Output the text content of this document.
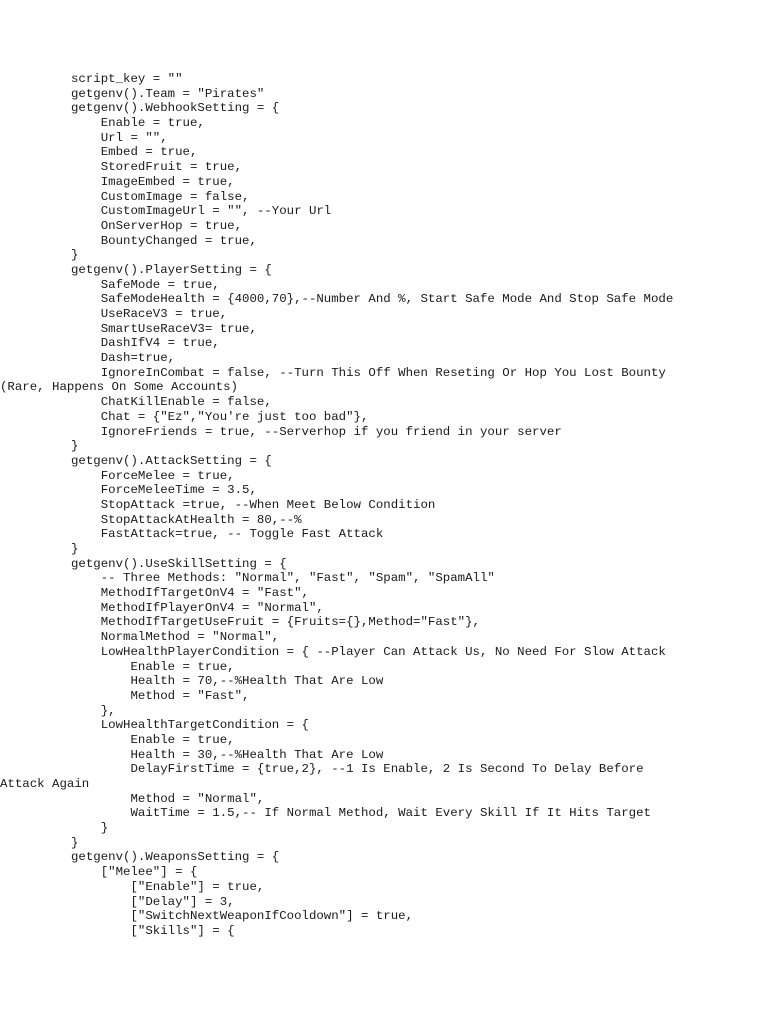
script_key = ""
getgenv().Team = "Pirates"
getgenv().WebhookSetting = {
Enable = true,
Url = "",
Embed = true,
StoredFruit = true,
ImageEmbed = true,
CustomImage = false,
CustomImageUrl = "", --Your Url
OnServerHop = true,
BountyChanged = true,
}
getgenv().PlayerSetting = {
SafeMode = true,
SafeModeHealth = {4000,70},--Number And %, Start Safe Mode And Stop Safe Mode
UseRaceV3 = true,
SmartUseRaceV3= true,
DashIfV4 = true,
Dash=true,
IgnoreInCombat = false, --Turn This Off When Reseting Or Hop You Lost Bounty
(Rare, Happens On Some Accounts)
ChatKillEnable = false,
Chat = {"Ez","You're just too bad"},
IgnoreFriends = true, --Serverhop if you friend in your server
}
getgenv().AttackSetting = {
ForceMelee = true,
ForceMeleeTime = 3.5,
StopAttack =true, --When Meet Below Condition
StopAttackAtHealth = 80,--%
FastAttack=true, -- Toggle Fast Attack
}
getgenv().UseSkillSetting = {
-- Three Methods: "Normal", "Fast", "Spam", "SpamAll"
MethodIfTargetOnV4 = "Fast",
MethodIfPlayerOnV4 = "Normal",
MethodIfTargetUseFruit = {Fruits={},Method="Fast"},
NormalMethod = "Normal",
LowHealthPlayerCondition = { --Player Can Attack Us, No Need For Slow Attack
Enable = true,
Health = 70,--%Health That Are Low
Method = "Fast",
},
LowHealthTargetCondition = {
Enable = true,
Health = 30,--%Health That Are Low
DelayFirstTime = {true,2}, --1 Is Enable, 2 Is Second To Delay Before
Attack Again
Method = "Normal",
WaitTime = 1.5,-- If Normal Method, Wait Every Skill If It Hits Target
}
}
getgenv().WeaponsSetting = {
["Melee"] = {
["Enable"] = true,
["Delay"] = 3,
["SwitchNextWeaponIfCooldown"] = true,
["Skills"] = {
